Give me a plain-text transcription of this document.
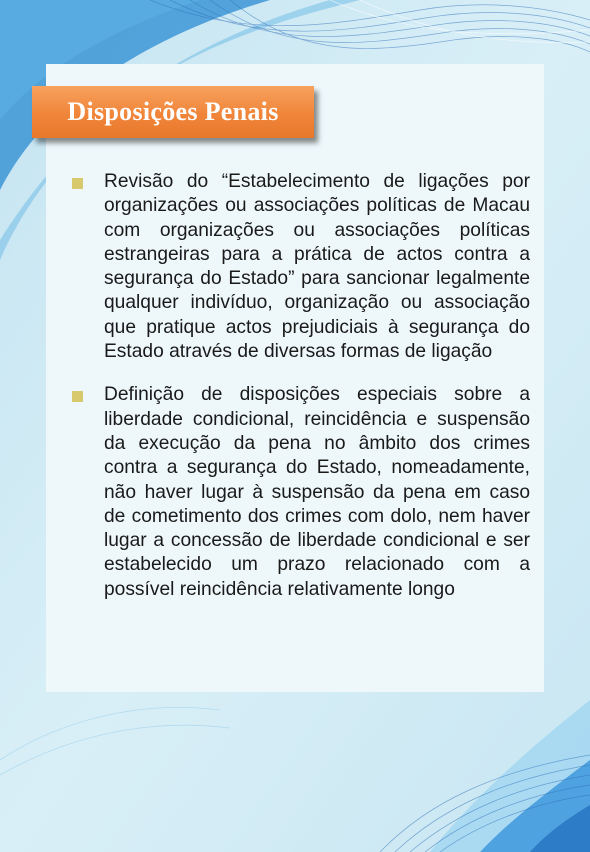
Disposições Penais
Revisão do “Estabelecimento de ligações por organizações ou associações políticas de Macau com organizações ou associações políticas estrangeiras para a prática de actos contra a segurança do Estado” para sancionar legalmente qualquer indivíduo, organização ou associação que pratique actos prejudiciais à segurança do Estado através de diversas formas de ligação
Definição de disposições especiais sobre a liberdade condicional, reincidência e suspensão da execução da pena no âmbito dos crimes contra a segurança do Estado, nomeadamente, não haver lugar à suspensão da pena em caso de cometimento dos crimes com dolo, nem haver lugar a concessão de liberdade condicional e ser estabelecido um prazo relacionado com a possível reincidência relativamente longo
